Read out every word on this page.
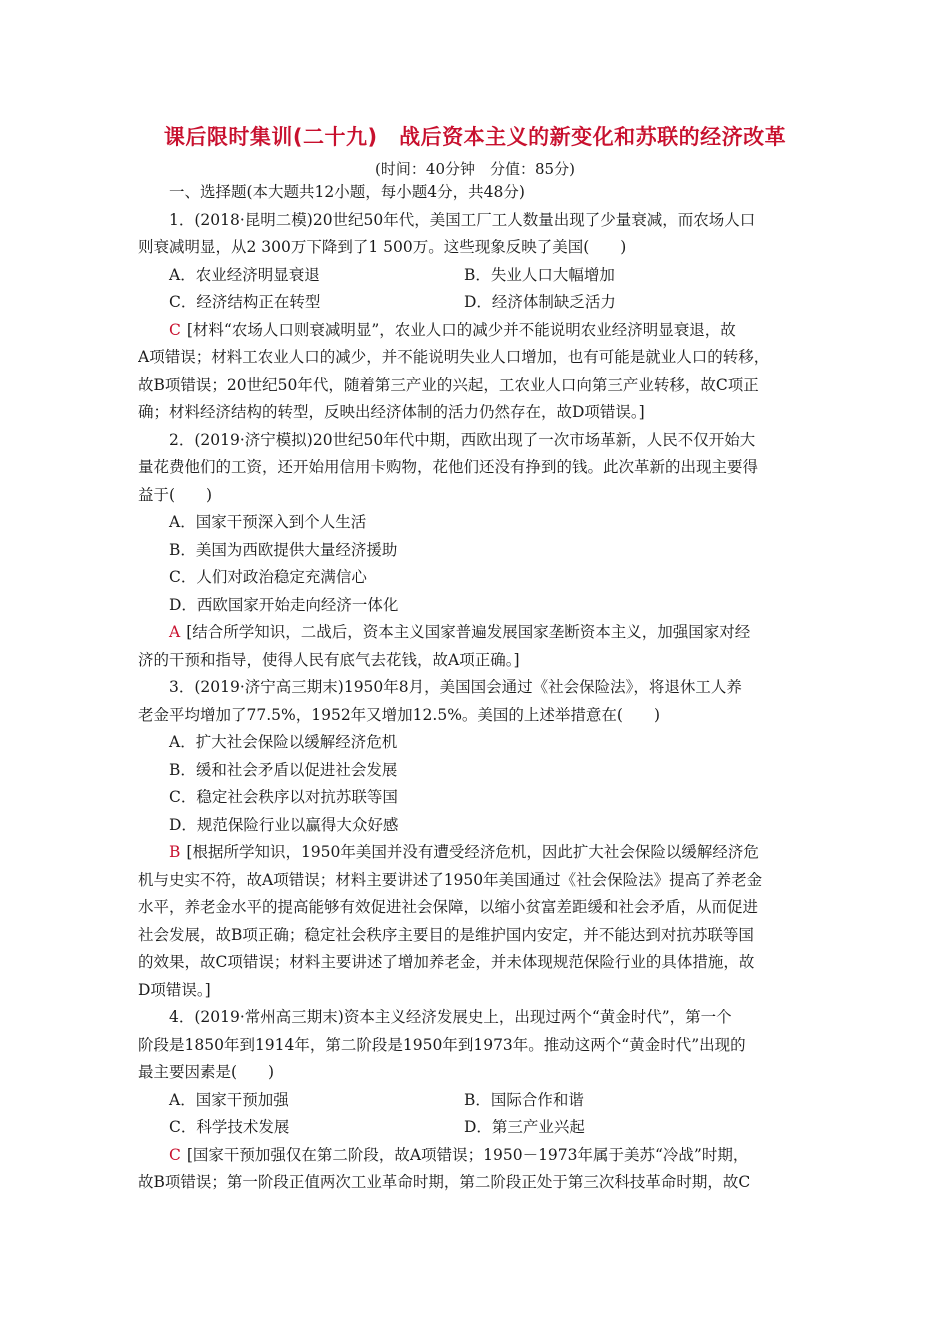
课后限时集训(二十九)　战后资本主义的新变化和苏联的经济改革
(时间：40分钟　分值：85分)
一、选择题(本大题共12小题，每小题4分，共48分)
1．(2018·昆明二模)20世纪50年代，美国工厂工人数量出现了少量衰减，而农场人口
则衰减明显，从2 300万下降到了1 500万。这些现象反映了美国(　　)
A．农业经济明显衰退	B．失业人口大幅增加
C．经济结构正在转型	D．经济体制缺乏活力
C [材料“农场人口则衰减明显”，农业人口的减少并不能说明农业经济明显衰退，故
A项错误；材料工农业人口的减少，并不能说明失业人口增加，也有可能是就业人口的转移，
故B项错误；20世纪50年代，随着第三产业的兴起，工农业人口向第三产业转移，故C项正
确；材料经济结构的转型，反映出经济体制的活力仍然存在，故D项错误。]
2．(2019·济宁模拟)20世纪50年代中期，西欧出现了一次市场革新，人民不仅开始大
量花费他们的工资，还开始用信用卡购物，花他们还没有挣到的钱。此次革新的出现主要得
益于(　　)
A．国家干预深入到个人生活
B．美国为西欧提供大量经济援助
C．人们对政治稳定充满信心
D．西欧国家开始走向经济一体化
A [结合所学知识，二战后，资本主义国家普遍发展国家垄断资本主义，加强国家对经
济的干预和指导，使得人民有底气去花钱，故A项正确。]
3．(2019·济宁高三期末)1950年8月，美国国会通过《社会保险法》，将退休工人养
老金平均增加了77.5%，1952年又增加12.5%。美国的上述举措意在(　　)
A．扩大社会保险以缓解经济危机
B．缓和社会矛盾以促进社会发展
C．稳定社会秩序以对抗苏联等国
D．规范保险行业以赢得大众好感
B [根据所学知识，1950年美国并没有遭受经济危机，因此扩大社会保险以缓解经济危
机与史实不符，故A项错误；材料主要讲述了1950年美国通过《社会保险法》提高了养老金
水平，养老金水平的提高能够有效促进社会保障，以缩小贫富差距缓和社会矛盾，从而促进
社会发展，故B项正确；稳定社会秩序主要目的是维护国内安定，并不能达到对抗苏联等国
的效果，故C项错误；材料主要讲述了增加养老金，并未体现规范保险行业的具体措施，故
D项错误。]
4．(2019·常州高三期末)资本主义经济发展史上，出现过两个“黄金时代”，第一个
阶段是1850年到1914年，第二阶段是1950年到1973年。推动这两个“黄金时代”出现的
最主要因素是(　　)
A．国家干预加强	B．国际合作和谐
C．科学技术发展	D．第三产业兴起
C [国家干预加强仅在第二阶段，故A项错误；1950－1973年属于美苏“冷战”时期，
故B项错误；第一阶段正值两次工业革命时期，第二阶段正处于第三次科技革命时期，故C
